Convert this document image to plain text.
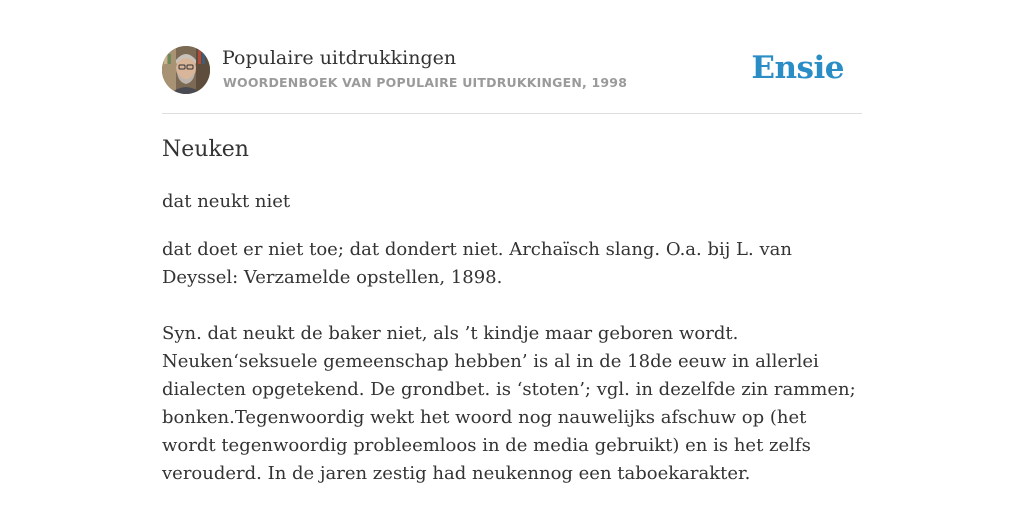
Populaire uitdrukkingen
WOORDENBOEK VAN POPULAIRE UITDRUKKINGEN, 1998	Ensie
Neuken
dat neukt niet

dat doet er niet toe; dat dondert niet. Archaïsch slang. O.a. bij L. van Deyssel: Verzamelde opstellen, 1898.

Syn. dat neukt de baker niet, als ’t kindje maar geboren wordt. Neuken‘seksuele gemeenschap hebben’ is al in de 18de eeuw in allerlei dialecten opgetekend. De grondbet. is ‘stoten’; vgl. in dezelfde zin rammen; bonken.Tegenwoordig wekt het woord nog nauwelijks afschuw op (het wordt tegenwoordig probleemloos in de media gebruikt) en is het zelfs verouderd. In de jaren zestig had neukennog een taboekarakter.
